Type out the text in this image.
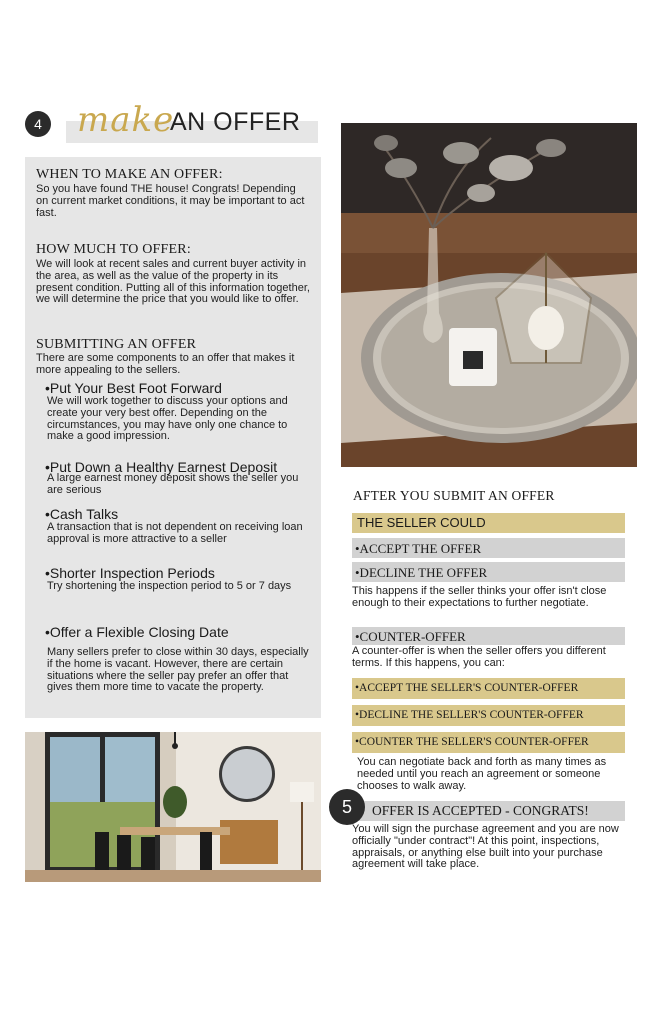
4 make
AN OFFER
WHEN TO MAKE AN OFFER:
So you have found THE house! Congrats! Depending on current market conditions, it may be important to act fast.
HOW MUCH TO OFFER:
We will look at recent sales and current buyer activity in the area, as well as the value of the property in its present condition. Putting all of this information together, we will determine the price that you would like to offer.
SUBMITTING AN OFFER
There are some components to an offer that makes it more appealing to the sellers.
•Put Your Best Foot Forward
We will work together to discuss your options and create your very best offer. Depending on the circumstances, you may have only one chance to make a good impression.
•Put Down a Healthy Earnest Deposit
A large earnest money deposit shows the seller you are serious
•Cash Talks
A transaction that is not dependent on receiving loan approval is more attractive to a seller
•Shorter Inspection Periods
Try shortening the inspection period to 5 or 7 days
•Offer a Flexible Closing Date
Many sellers prefer to close within 30 days, especially if the home is vacant. However, there are certain situations where the seller pay prefer an offer that gives them more time to vacate the property.
AFTER YOU SUBMIT AN OFFER
THE SELLER COULD
•ACCEPT THE OFFER
•DECLINE THE OFFER
This happens if the seller thinks your offer isn't close enough to their expectations to further negotiate.
•COUNTER-OFFER
A counter-offer is when the seller offers you different terms. If this happens, you can:
•ACCEPT THE SELLER'S COUNTER-OFFER
•DECLINE THE SELLER'S COUNTER-OFFER
•COUNTER THE SELLER'S COUNTER-OFFER
You can negotiate back and forth as many times as needed until you reach an agreement or someone chooses to walk away.
5	OFFER IS ACCEPTED - CONGRATS!
You will sign the purchase agreement and you are now officially "under contract"! At this point, inspections, appraisals, or anything else built into your purchase agreement will take place.
